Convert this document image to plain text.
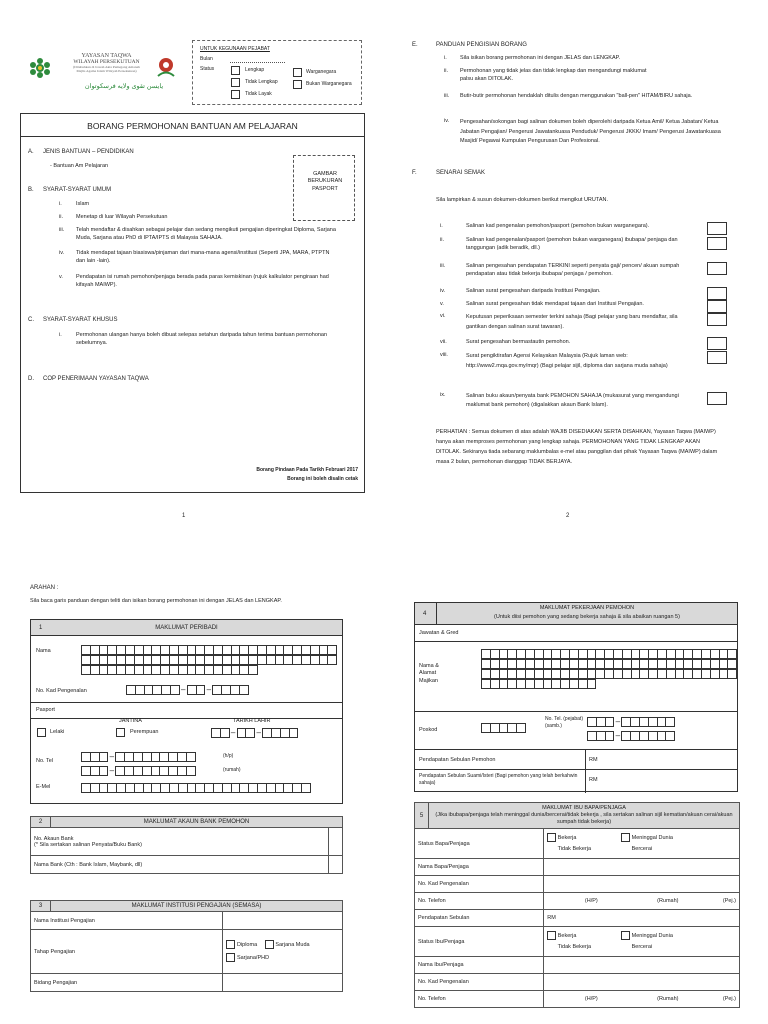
YAYASAN TAQWA
WILAYAH PERSEKUTUAN
(Ditubuhkan di bawah Akta Pemegang Amanah
Majlis Agama Islam Wilayah Persekutuan)
يايسن تقوى ولايه فرسكوتوان
UNTUK KEGUNAAN PEJABAT
Bulan
Status	Lengkap
Tidak Lengkap
Tidak Layak
Warganegara
Bukan Warganegara
BORANG PERMOHONAN BANTUAN AM PELAJARAN
A. JENIS BANTUAN – PENDIDIKAN
- Bantuan Am Pelajaran
GAMBAR BERUKURAN PASPORT
B. SYARAT-SYARAT UMUM
i.	Islam
ii. Menetap di luar Wilayah Persekutuan
iii. Telah mendaftar & disahkan sebagai pelajar dan sedang mengikuti pengajian diperingkat Diploma, Sarjana Muda, Sarjana atau PhD di IPTA/IPTS di Malaysia SAHAJA.
iv. Tidak mendapat tajaan biasiswa/pinjaman dari mana-mana agensi/institusi (Seperti JPA, MARA, PTPTN dan lain -lain).
v. Pendapatan isi rumah pemohon/penjaga berada pada paras kemiskinan (rujuk kalkulator pengiraan had kifayah MAIWP).
C. SYARAT-SYARAT KHUSUS
i.	Permohonan ulangan hanya boleh dibuat selepas setahun daripada tahun terima bantuan permohonan sebelumnya.
D. COP PENERIMAAN YAYASAN TAQWA
Borang Pindaan Pada Tarikh Februari 2017
Borang ini boleh disalin cetak
1
E.	PANDUAN PENGISIAN BORANG
i. Sila isikan borang permohonan ini dengan JELAS dan LENGKAP.
ii. Permohonan yang tidak jelas dan tidak lengkap dan mengandungi maklumat palsu akan DITOLAK.
iii. Butir-butir permohonan hendaklah ditulis dengan menggunakan "ball-pen" HITAM/BIRU sahaja.
iv. Pengesahan/sokongan bagi salinan dokumen boleh diperolehi daripada Ketua Amil/ Ketua Jabatan/ Ketua Jabatan Pengajian/ Pengerusi Jawatankuasa Penduduk/ Pengerusi JKKK/ Imam/ Pengerusi Jawatankuasa Masjid/ Pegawai Kumpulan Pengurusan Dan Profesional.
F.	SENARAI SEMAK
Sila lampirkan & susun dokumen-dokumen berikut mengikut URUTAN.
i.	Salinan kad pengenalan pemohon/pasport (pemohon bukan warganegara).
ii.	Salinan kad pengenalan/pasport (pemohon bukan warganegara) ibubapa/ penjaga dan tanggungan (adik beradik, dll.)
iii.	Salinan pengesahan pendapatan TERKINI seperti penyata gaji/ pencen/ akuan sumpah pendapatan atau tidak bekerja ibubapa/ penjaga / pemohon.
iv.	Salinan surat pengesahan daripada Institusi Pengajian.
v.	Salinan surat pengesahan tidak mendapat tajaan dari Institusi Pengajian.
vi.	Keputusan peperiksaan semester terkini sahaja (Bagi pelajar yang baru mendaftar, sila gantikan dengan salinan surat tawaran).
vii.	Surat pengesahan bermastautin pemohon.
viii.	Surat pengiktirafan Agensi Kelayakan Malaysia (Rujuk laman web: http://www2.mqa.gov.my/mqr) (Bagi pelajar sijil, diploma dan sarjana muda sahaja)
ix.	Salinan buku akaun/penyata bank PEMOHON SAHAJA (mukasurat yang mengandungi maklumat bank pemohon) (digalakkan akaun Bank Islam).
PERHATIAN : Semua dokumen di atas adalah WAJIB DISEDIAKAN SERTA DISAHKAN, Yayasan Taqwa (MAIWP) hanya akan memproses permohonan yang lengkap sahaja. PERMOHONAN YANG TIDAK LENGKAP AKAN DITOLAK. Sekiranya tiada sebarang maklumbalas e-mel atau panggilan dari pihak Yayasan Taqwa (MAIWP) dalam masa 2 bulan, permohonan dianggap TIDAK BERJAYA.
2
ARAHAN :
Sila baca garis panduan dengan teliti dan isikan borang permohonan ini dengan JELAS dan LENGKAP.
1	MAKLUMAT PERIBADI
Nama
No. Kad Pengenalan	–	–
Pasport
JANTINA	TARIKH LAHIR
Lelaki	Perempuan	–	–
No. Tel	–	(h/p)
–	(rumah)
E-Mel
2	MAKLUMAT AKAUN BANK PEMOHON	

No. Akaun Bank
(* Sila sertakan salinan Penyata/Buku Bank)		

Nama Bank (Cth : Bank Islam, Maybank, dll)		
3	MAKLUMAT INSTITUSI PENGAJIAN (SEMASA)	
Nama Institusi Pengajian		
Tahap Pengajian		Diploma Sarjana Muda
Sarjana/PHD

Bidang Pengajian		
4
MAKLUMAT PEKERJAAN PEMOHON
(Untuk diisi pemohon yang sedang bekerja sahaja & sila abaikan ruangan 5)
Jawatan & Gred
Nama & Alamat Majikan
Poskod
No. Tel. (pejabat) (samb.)	–
–
Pendapatan Sebulan Pemohon	RM
Pendapatan Sebulan Suami/Isteri (Bagi pemohon yang telah berkahwin sahaja)	RM
5	MAKLUMAT IBU BAPA/PENJAGA
(Jika ibubapa/penjaga telah meninggal dunia/bercerai/tidak bekerja , sila sertakan salinan sijil kematian/akuan cerai/akuan sumpah tidak bekerja)			

Status Bapa/Penjaga		Bekerja
Tidak Bekerja
Meninggal Dunia
Bercerai		

Nama Bapa/Penjaga				
No. Kad Pengenalan				
No. Telefon		(H/P)	(Rumah)	(Pej.)
Pendapatan Sebulan		RM		
Status Ibu/Penjaga		Bekerja
Tidak Bekerja
Meninggal Dunia
Bercerai		

Nama Ibu/Penjaga				
No. Kad Pengenalan				
No. Telefon		(H/P)	(Rumah)	(Pej.)
